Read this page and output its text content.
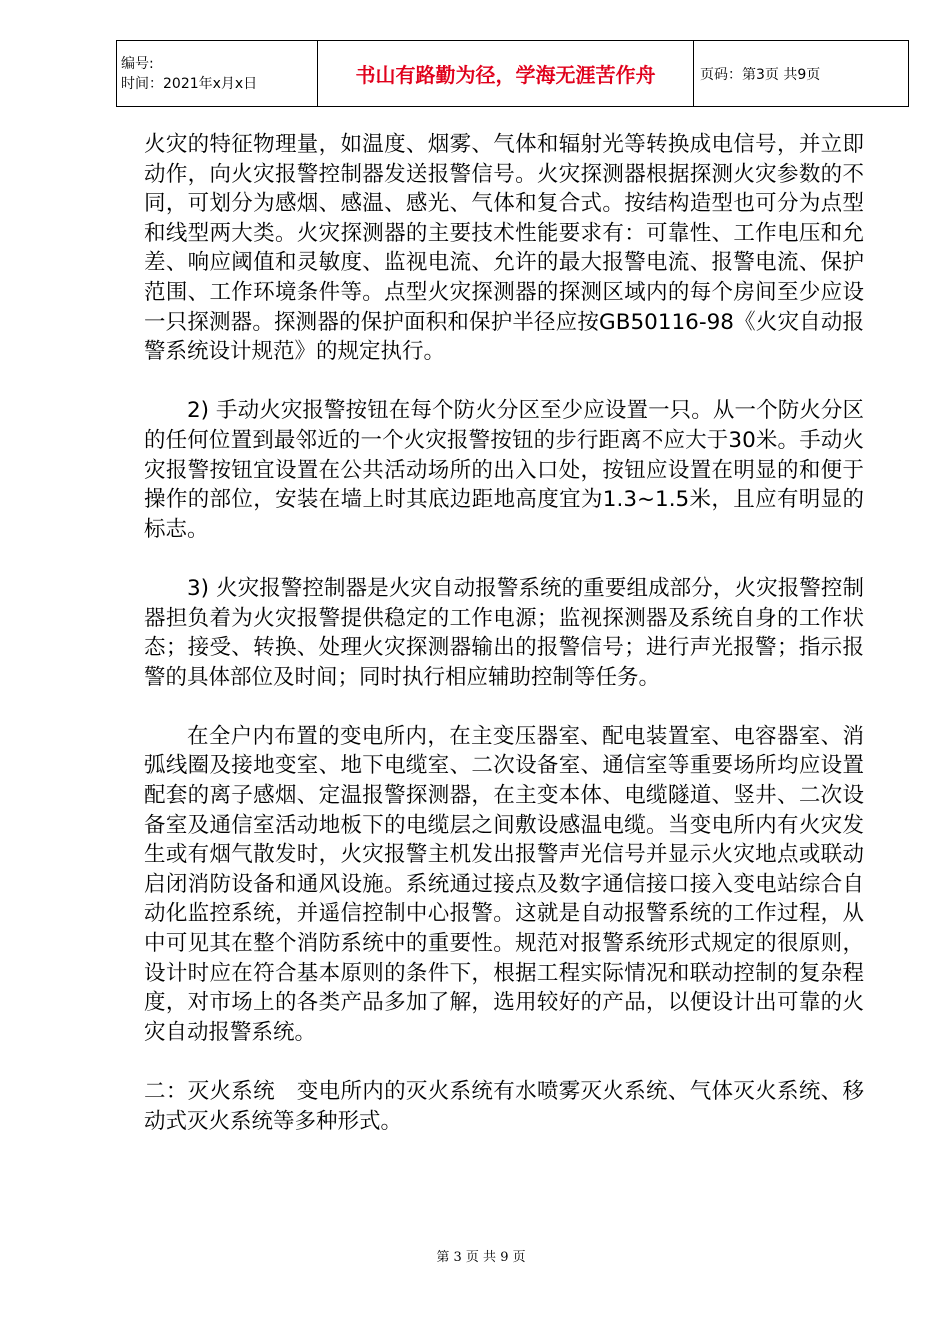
编号:
时间：2021年x月x日	书山有路勤为径，学海无涯苦作舟	页码：第3页 共9页

火灾的特征物理量，如温度、烟雾、气体和辐射光等转换成电信号，并立即动作，向火灾报警控制器发送报警信号。火灾探测器根据探测火灾参数的不同，可划分为感烟、感温、感光、气体和复合式。按结构造型也可分为点型和线型两大类。火灾探测器的主要技术性能要求有：可靠性、工作电压和允差、响应阈值和灵敏度、监视电流、允许的最大报警电流、报警电流、保护范围、工作环境条件等。点型火灾探测器的探测区域内的每个房间至少应设一只探测器。探测器的保护面积和保护半径应按GB50116-98《火灾自动报警系统设计规范》的规定执行。

2) 手动火灾报警按钮在每个防火分区至少应设置一只。从一个防火分区的任何位置到最邻近的一个火灾报警按钮的步行距离不应大于30米。手动火灾报警按钮宜设置在公共活动场所的出入口处，按钮应设置在明显的和便于操作的部位，安装在墙上时其底边距地高度宜为1.3~1.5米，且应有明显的标志。

3) 火灾报警控制器是火灾自动报警系统的重要组成部分，火灾报警控制器担负着为火灾报警提供稳定的工作电源；监视探测器及系统自身的工作状态；接受、转换、处理火灾探测器输出的报警信号；进行声光报警；指示报警的具体部位及时间；同时执行相应辅助控制等任务。

在全户内布置的变电所内，在主变压器室、配电装置室、电容器室、消弧线圈及接地变室、地下电缆室、二次设备室、通信室等重要场所均应设置配套的离子感烟、定温报警探测器，在主变本体、电缆隧道、竖井、二次设备室及通信室活动地板下的电缆层之间敷设感温电缆。当变电所内有火灾发生或有烟气散发时，火灾报警主机发出报警声光信号并显示火灾地点或联动启闭消防设备和通风设施。系统通过接点及数字通信接口接入变电站综合自动化监控系统，并遥信控制中心报警。这就是自动报警系统的工作过程，从中可见其在整个消防系统中的重要性。规范对报警系统形式规定的很原则，设计时应在符合基本原则的条件下，根据工程实际情况和联动控制的复杂程度，对市场上的各类产品多加了解，选用较好的产品，以便设计出可靠的火灾自动报警系统。

二：灭火系统　变电所内的灭火系统有水喷雾灭火系统、气体灭火系统、移动式灭火系统等多种形式。

第 3 页 共 9 页
